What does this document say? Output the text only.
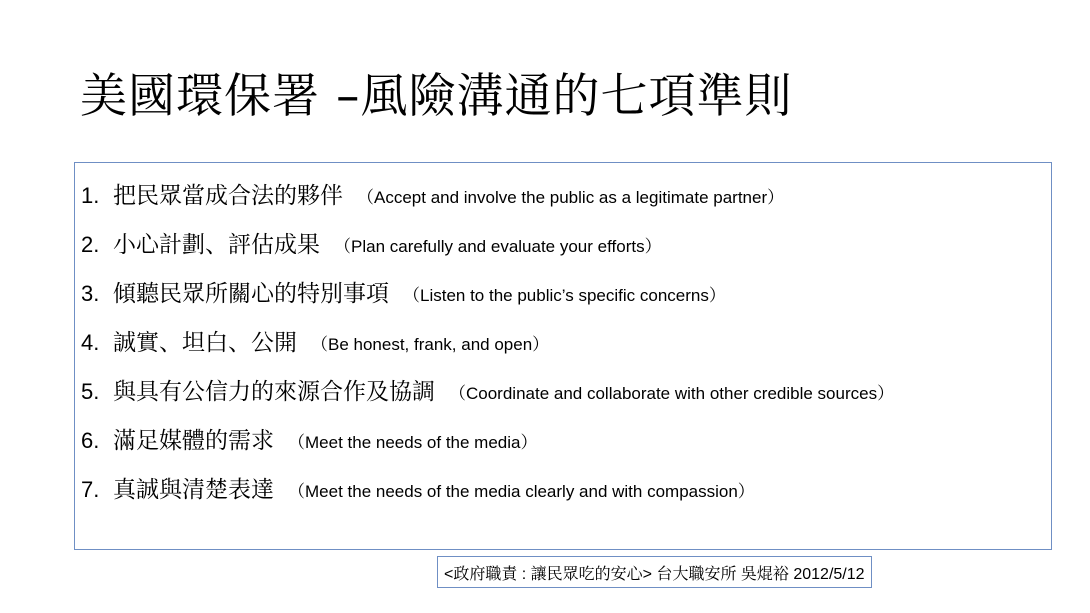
美國環保署 –風險溝通的七項準則
1. 把民眾當成合法的夥伴 （Accept and involve the public as a legitimate partner）
2. 小心計劃、評估成果 （Plan carefully and evaluate your efforts）
3. 傾聽民眾所關心的特別事項 （Listen to the public’s specific concerns）
4. 誠實、坦白、公開 （Be honest, frank, and open）
5. 與具有公信力的來源合作及協調 （Coordinate and collaborate with other credible sources）
6. 滿足媒體的需求 （Meet the needs of the media）
7. 真誠與清楚表達 （Meet the needs of the media clearly and with compassion）
<政府職責 : 讓民眾吃的安心> 台大職安所 吳焜裕 2012/5/12
